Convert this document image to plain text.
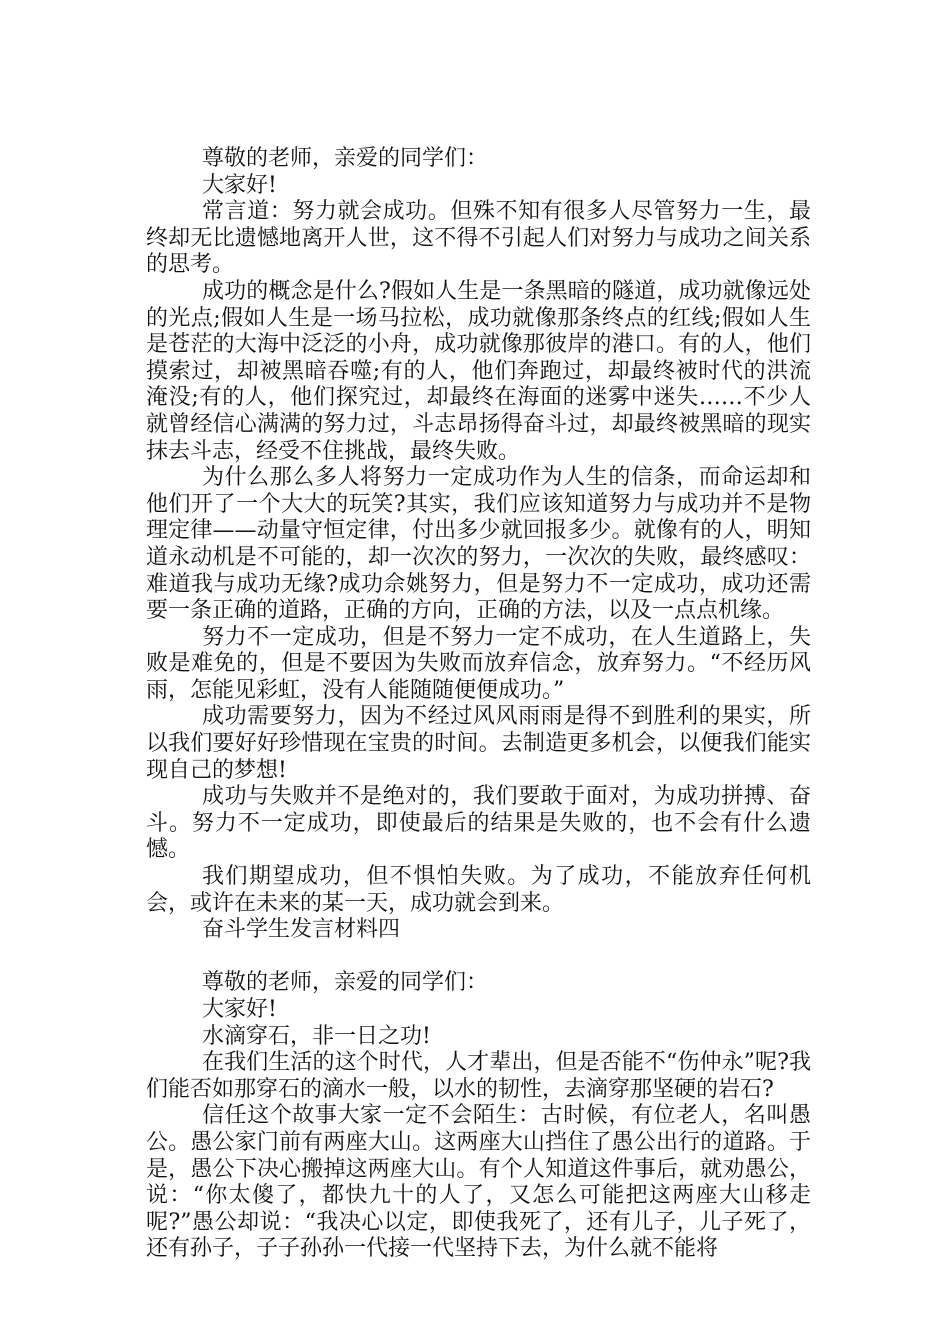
尊敬的老师，亲爱的同学们：

大家好!

常言道：努力就会成功。但殊不知有很多人尽管努力一生，最终却无比遗憾地离开人世，这不得不引起人们对努力与成功之间关系的思考。

成功的概念是什么?假如人生是一条黑暗的隧道，成功就像远处的光点;假如人生是一场马拉松，成功就像那条终点的红线;假如人生是苍茫的大海中泛泛的小舟，成功就像那彼岸的港口。有的人，他们摸索过，却被黑暗吞噬;有的人，他们奔跑过，却最终被时代的洪流淹没;有的人，他们探究过，却最终在海面的迷雾中迷失……不少人就曾经信心满满的努力过，斗志昂扬得奋斗过，却最终被黑暗的现实抹去斗志，经受不住挑战，最终失败。

为什么那么多人将努力一定成功作为人生的信条，而命运却和他们开了一个大大的玩笑?其实，我们应该知道努力与成功并不是物理定律——动量守恒定律，付出多少就回报多少。就像有的人，明知道永动机是不可能的，却一次次的努力，一次次的失败，最终感叹：难道我与成功无缘?成功佘姚努力，但是努力不一定成功，成功还需要一条正确的道路，正确的方向，正确的方法，以及一点点机缘。

努力不一定成功，但是不努力一定不成功，在人生道路上，失败是难免的，但是不要因为失败而放弃信念，放弃努力。“不经历风雨，怎能见彩虹，没有人能随随便便成功。”

成功需要努力，因为不经过风风雨雨是得不到胜利的果实，所以我们要好好珍惜现在宝贵的时间。去制造更多机会，以便我们能实现自己的梦想!

成功与失败并不是绝对的，我们要敢于面对，为成功拼搏、奋斗。努力不一定成功，即使最后的结果是失败的，也不会有什么遗憾。

我们期望成功，但不惧怕失败。为了成功，不能放弃任何机会，或许在未来的某一天，成功就会到来。

奋斗学生发言材料四

尊敬的老师，亲爱的同学们：

大家好!

水滴穿石，非一日之功!

在我们生活的这个时代，人才辈出，但是否能不“伤仲永”呢?我们能否如那穿石的滴水一般，以水的韧性，去滴穿那坚硬的岩石?

信任这个故事大家一定不会陌生：古时候，有位老人，名叫愚公。愚公家门前有两座大山。这两座大山挡住了愚公出行的道路。于是，愚公下决心搬掉这两座大山。有个人知道这件事后，就劝愚公，说：“你太傻了，都快九十的人了，又怎么可能把这两座大山移走呢?”愚公却说：“我决心以定，即使我死了，还有儿子，儿子死了，还有孙子，子子孙孙一代接一代坚持下去，为什么就不能将
